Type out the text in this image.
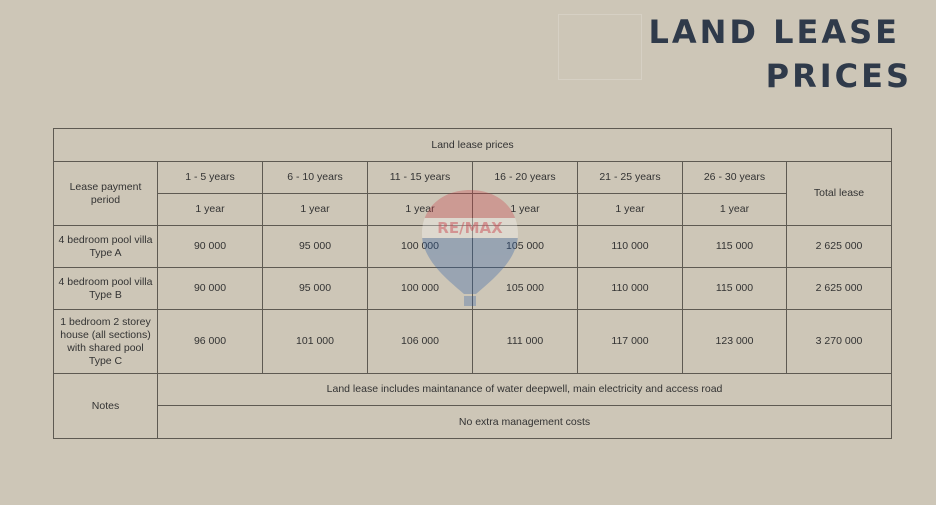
LAND LEASE
PRICES
Land lease prices							
Lease payment period	1 - 5 years	6 - 10 years	11 - 15 years	16 - 20 years	21 - 25 years	26 - 30 years	Total lease
	1 year	1 year	1 year	1 year	1 year	1 year	
4 bedroom pool villa Type A	90 000	95 000	100 000	105 000	110 000	115 000	2 625 000
4 bedroom pool villa Type B	90 000	95 000	100 000	105 000	110 000	115 000	2 625 000
1 bedroom 2 storey house (all sections) with shared pool Type C	96 000	101 000	106 000	111 000	117 000	123 000	3 270 000
Notes	Land lease includes maintanance of water deepwell, main electricity and access road						
	No extra management costs						
RE/MAX
